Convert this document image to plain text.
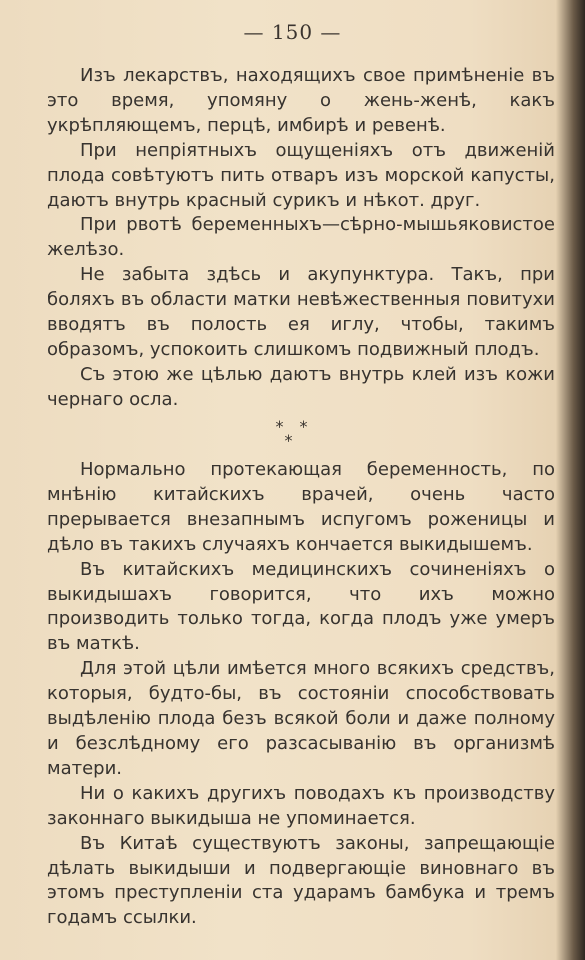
— 150 —

Изъ лекарствъ, находящихъ свое примѣненіе въ это время, упомяну о жень-женѣ, какъ укрѣпляющемъ, перцѣ, имбирѣ и ревенѣ.

При непріятныхъ ощущеніяхъ отъ движеній плода совѣтуютъ пить отваръ изъ морской капусты, даютъ внутрь красный сурикъ и нѣкот. друг.

При рвотѣ беременныхъ—сѣрно-мышьяковистое желѣзо.

Не забыта здѣсь и акупунктура. Такъ, при боляхъ въ области матки невѣжественныя повитухи вводятъ въ полость ея иглу, чтобы, такимъ образомъ, успокоить слишкомъ подвижный плодъ.

Съ этою же цѣлью даютъ внутрь клей изъ кожи чернаго осла.

**
*

Нормально протекающая беременность, по мнѣнію китайскихъ врачей, очень часто прерывается внезапнымъ испугомъ роженицы и дѣло въ такихъ случаяхъ кончается выкидышемъ.

Въ китайскихъ медицинскихъ сочиненіяхъ о выкидышахъ говорится, что ихъ можно производить только тогда, когда плодъ уже умеръ въ маткѣ.

Для этой цѣли имѣется много всякихъ средствъ, которыя, будто-бы, въ состояніи способствовать выдѣленію плода безъ всякой боли и даже полному и безслѣдному его разсасыванію въ организмѣ матери.

Ни о какихъ другихъ поводахъ къ производству законнаго выкидыша не упоминается.

Въ Китаѣ существуютъ законы, запрещающіе дѣлать выкидыши и подвергающіе виновнаго въ этомъ преступленіи ста ударамъ бамбука и тремъ годамъ ссылки.
